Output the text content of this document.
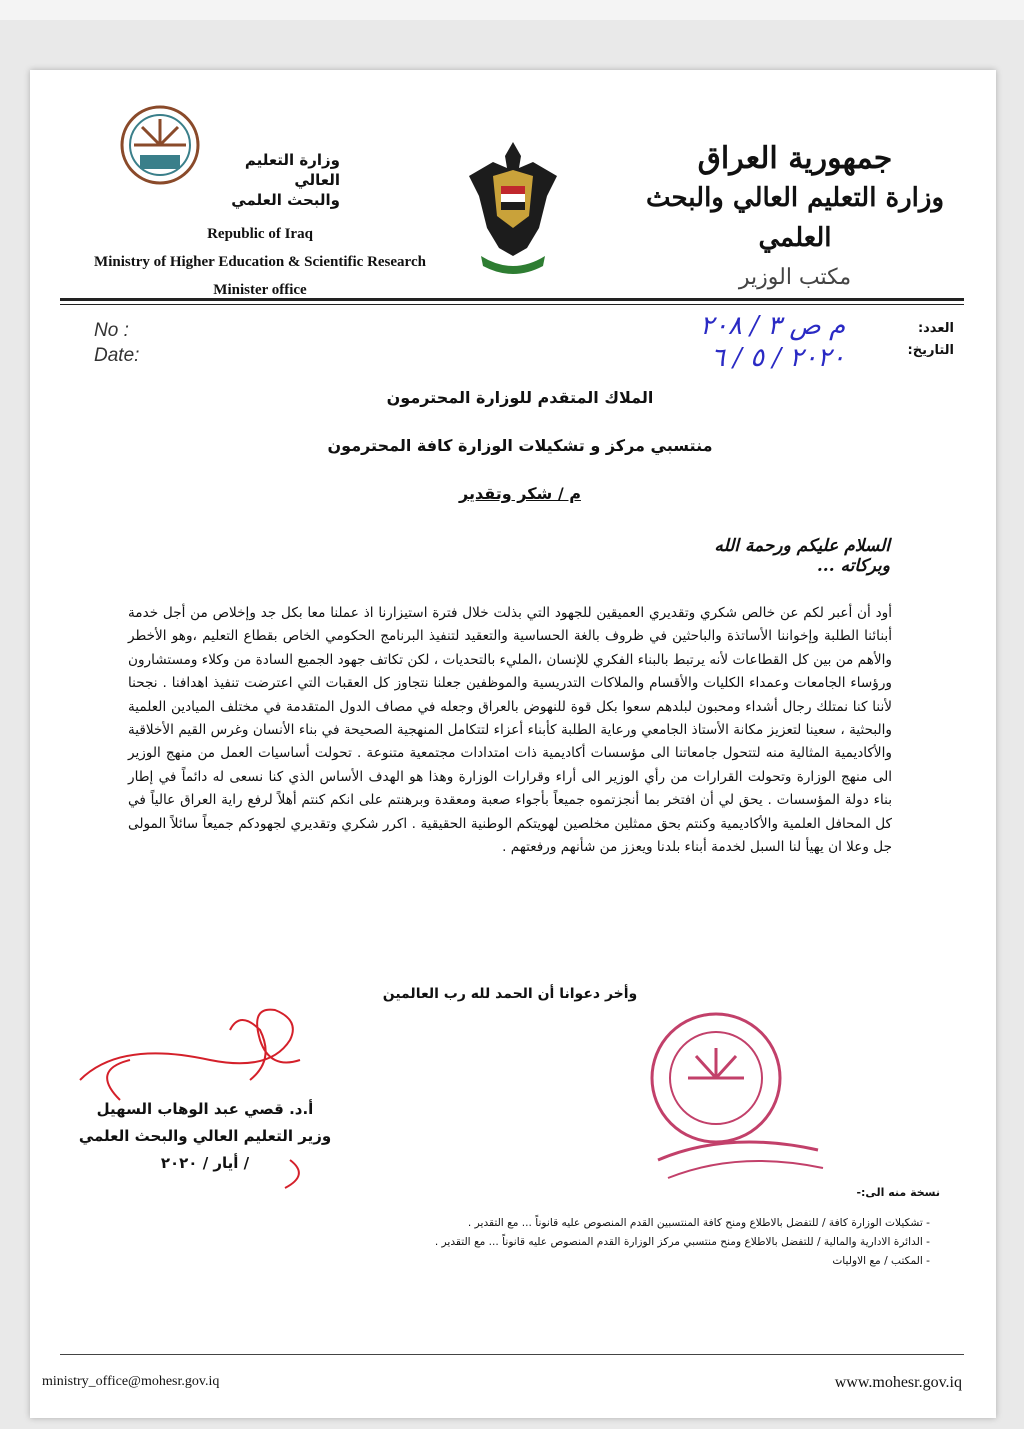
وزارة التعليم العالي
والبحث العلمي
Republic of Iraq
Ministry of Higher Education & Scientific Research
Minister office
جمهورية العراق
وزارة التعليم العالي والبحث العلمي
مكتب الوزير
No :
Date:
العدد:
التاريخ:
م ص ٣ / ٢٠٨
٢٠٢٠ / ٥ / ٦
الملاك المتقدم للوزارة المحترمون
منتسبي مركز و تشكيلات الوزارة كافة المحترمون
م / شكر وتقدير
السلام عليكم ورحمة الله وبركاته ...
أود أن أعبر لكم عن خالص شكري وتقديري العميقين للجهود التي بذلت خلال فترة استيزارنا اذ عملنا معا بكل جد وإخلاص من أجل خدمة أبنائنا الطلبة وإخواننا الأساتذة والباحثين في ظروف بالغة الحساسية والتعقيد لتنفيذ البرنامج الحكومي الخاص بقطاع التعليم ،وهو الأخطر والأهم من بين كل القطاعات لأنه يرتبط بالبناء الفكري للإنسان ،المليء بالتحديات ، لكن تكاتف جهود الجميع السادة من وكلاء ومستشارون ورؤساء الجامعات وعمداء الكليات والأقسام والملاكات التدريسية والموظفين جعلنا نتجاوز كل العقبات التي اعترضت تنفيذ اهدافنا . نجحنا لأننا كنا نمتلك رجال أشداء ومحبون لبلدهم سعوا بكل قوة للنهوض بالعراق وجعله في مصاف الدول المتقدمة في مختلف الميادين العلمية والبحثية ، سعينا لتعزيز مكانة الأستاذ الجامعي ورعاية الطلبة كأبناء أعزاء لتتكامل المنهجية الصحيحة في بناء الأنسان وغرس القيم الأخلاقية والأكاديمية المثالية منه لتتحول جامعاتنا الى مؤسسات أكاديمية ذات امتدادات مجتمعية متنوعة . تحولت أساسيات العمل من منهج الوزير الى منهج الوزارة وتحولت القرارات من رأي الوزير الى أراء وقرارات الوزارة وهذا هو الهدف الأساس الذي كنا نسعى له دائماً في إطار بناء دولة المؤسسات . يحق لي أن افتخر بما أنجزتموه جميعاً بأجواء صعبة ومعقدة وبرهنتم على انكم كنتم أهلاً لرفع راية العراق عالياً في كل المحافل العلمية والأكاديمية وكنتم بحق ممثلين مخلصين لهويتكم الوطنية الحقيقية . اكرر شكري وتقديري لجهودكم جميعاً سائلاً المولى جل وعلا ان يهيأ لنا السبل لخدمة أبناء بلدنا ويعزز من شأنهم ورفعتهم .
وأخر دعوانا أن الحمد لله رب العالمين
أ.د. قصي عبد الوهاب السهيل
وزير التعليم العالي والبحث العلمي
/ أيار / ٢٠٢٠
نسخة منه الى:-
- تشكيلات الوزارة كافة / للتفضل بالاطلاع ومنح كافة المنتسبين القدم المنصوص عليه قانوناً ... مع التقدير .
- الدائرة الادارية والمالية / للتفضل بالاطلاع ومنح منتسبي مركز الوزارة القدم المنصوص عليه قانوناً ... مع التقدير .
- المكتب / مع الاوليات
ministry_office@mohesr.gov.iq	www.mohesr.gov.iq
